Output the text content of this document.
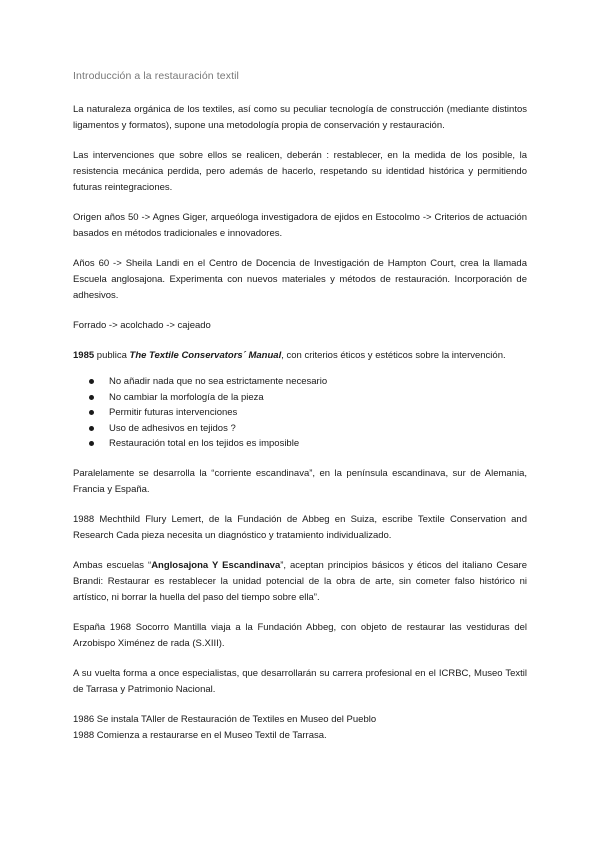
Introducción a la restauración textil

La naturaleza orgánica de los textiles, así como su peculiar tecnología de construcción (mediante distintos ligamentos y formatos), supone una metodología propia de conservación y restauración.

Las intervenciones que sobre ellos se realicen, deberán : restablecer, en la medida de los posible, la resistencia mecánica perdida, pero además de hacerlo, respetando su identidad histórica y permitiendo futuras reintegraciones.

Origen años 50 -> Agnes Giger, arqueóloga investigadora de ejidos en Estocolmo -> Criterios de actuación basados en métodos tradicionales e innovadores.

Años 60 -> Sheila Landi en el Centro de Docencia de Investigación de Hampton Court, crea la llamada Escuela anglosajona. Experimenta con nuevos materiales y métodos de restauración. Incorporación de adhesivos.

Forrado -> acolchado -> cajeado

1985 publica The Textile Conservators´ Manual, con criterios éticos y estéticos sobre la intervención.

No añadir nada que no sea estrictamente necesario
No cambiar la morfología de la pieza
Permitir futuras intervenciones
Uso de adhesivos en tejidos ?
Restauración total en los tejidos es imposible

Paralelamente se desarrolla la “corriente escandinava”, en la península escandinava, sur de Alemania, Francia y España.

1988 Mechthild Flury Lemert, de la Fundación de Abbeg en Suiza, escribe Textile Conservation and Research Cada pieza necesita un diagnóstico y tratamiento individualizado.

Ambas escuelas “Anglosajona Y Escandinava”, aceptan principios básicos y éticos del italiano Cesare Brandi: Restaurar es restablecer la unidad potencial de la obra de arte, sin cometer falso histórico ni artístico, ni borrar la huella del paso del tiempo sobre ella”.

España 1968 Socorro Mantilla viaja a la Fundación Abbeg, con objeto de restaurar las vestiduras del Arzobispo Ximénez de rada (S.XIII).

A su vuelta forma a once especialistas, que desarrollarán su carrera profesional en el ICRBC, Museo Textil de Tarrasa y Patrimonio Nacional.

1986 Se instala TAller de Restauración de Textiles en Museo del Pueblo

1988 Comienza a restaurarse en el Museo Textil de Tarrasa.
